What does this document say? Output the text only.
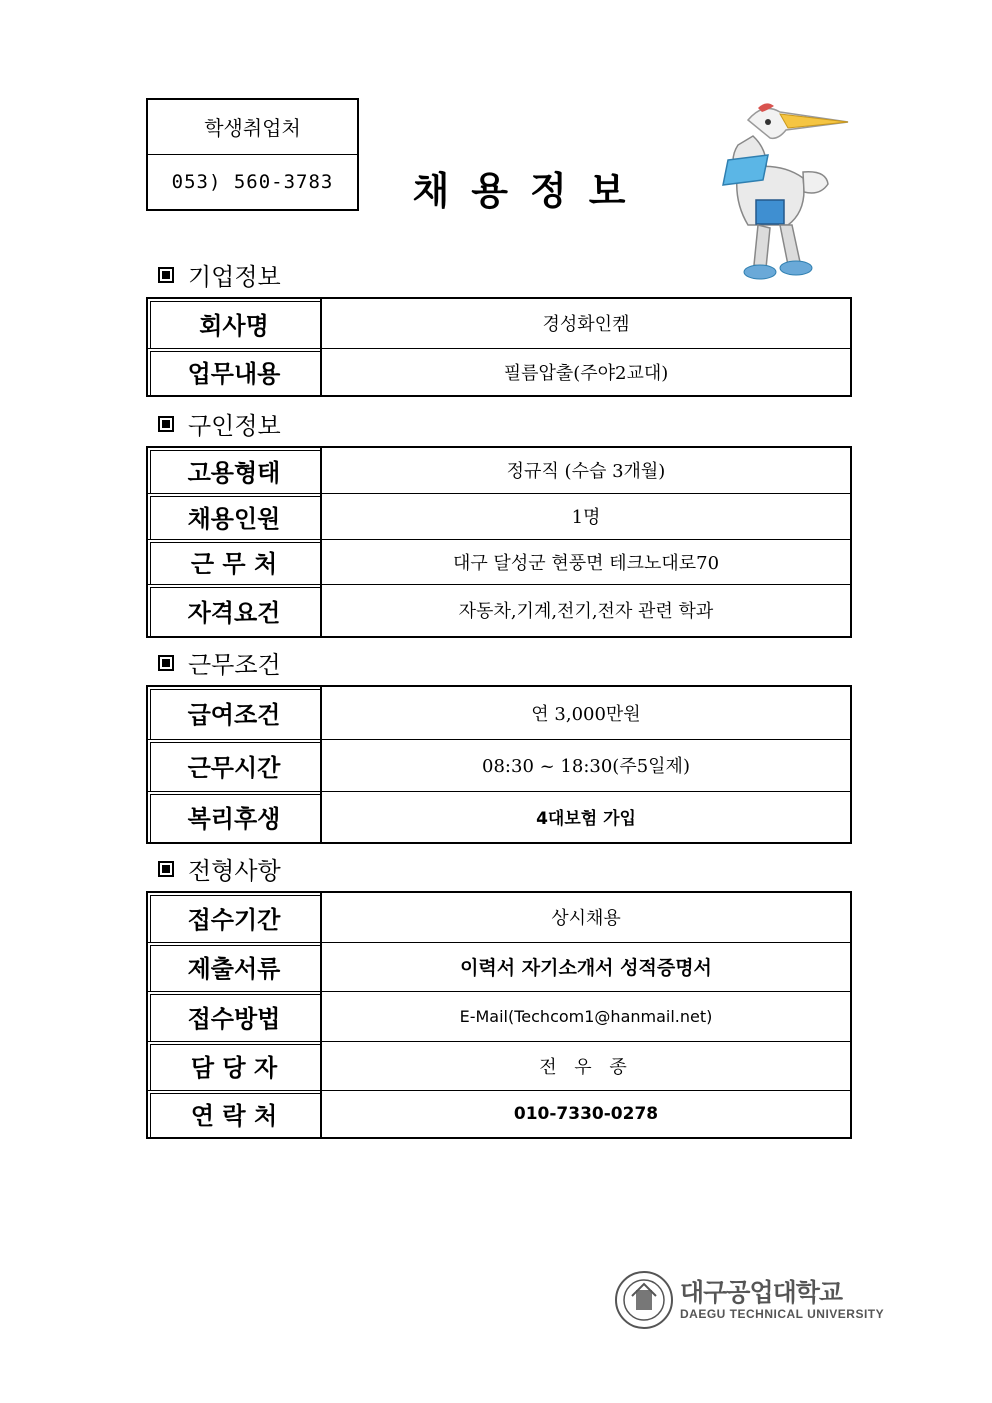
학생취업처
053) 560-3783	채용정보
기업정보
회사명	경성화인켐
업무내용	필름압출(주야2교대)
구인정보
고용형태	정규직 (수습 3개월)
채용인원	1명
근 무 처	대구 달성군 현풍면 테크노대로70
자격요건	자동차,기계,전기,전자 관련 학과
근무조건
급여조건	연 3,000만원
근무시간	08:30 ~ 18:30(주5일제)
복리후생	4대보험 가입
전형사항
접수기간	상시채용
제출서류	이력서 자기소개서 성적증명서
접수방법	E-Mail(Techcom1@hanmail.net)
담 당 자	전 우 종
연 락 처	010-7330-0278
대구공업대학교
DAEGU TECHNICAL UNIVERSITY
